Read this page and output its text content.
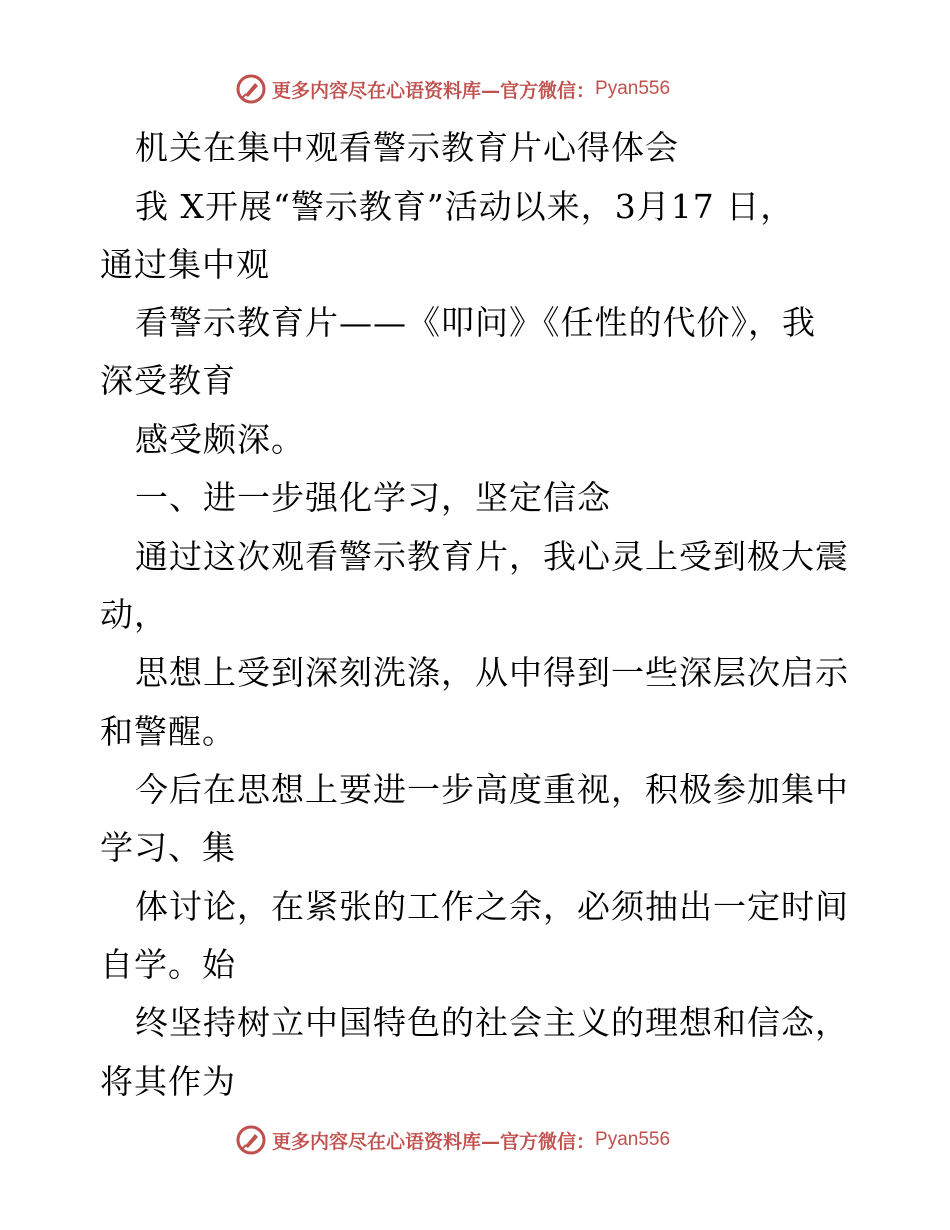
更多内容尽在心语资料库—官方微信： Pyan556
机关在集中观看警示教育片心得体会
我 X开展“警示教育”活动以来，3月17 日，
通过集中观
看警示教育片——《叩问》《任性的代价》，我
深受教育
感受颇深。
一、进一步强化学习，坚定信念
通过这次观看警示教育片，我心灵上受到极大震
动，
思想上受到深刻洗涤，从中得到一些深层次启示
和警醒。
今后在思想上要进一步高度重视，积极参加集中
学习、集
体讨论，在紧张的工作之余，必须抽出一定时间
自学。始
终坚持树立中国特色的社会主义的理想和信念，
将其作为
更多内容尽在心语资料库—官方微信： Pyan556
